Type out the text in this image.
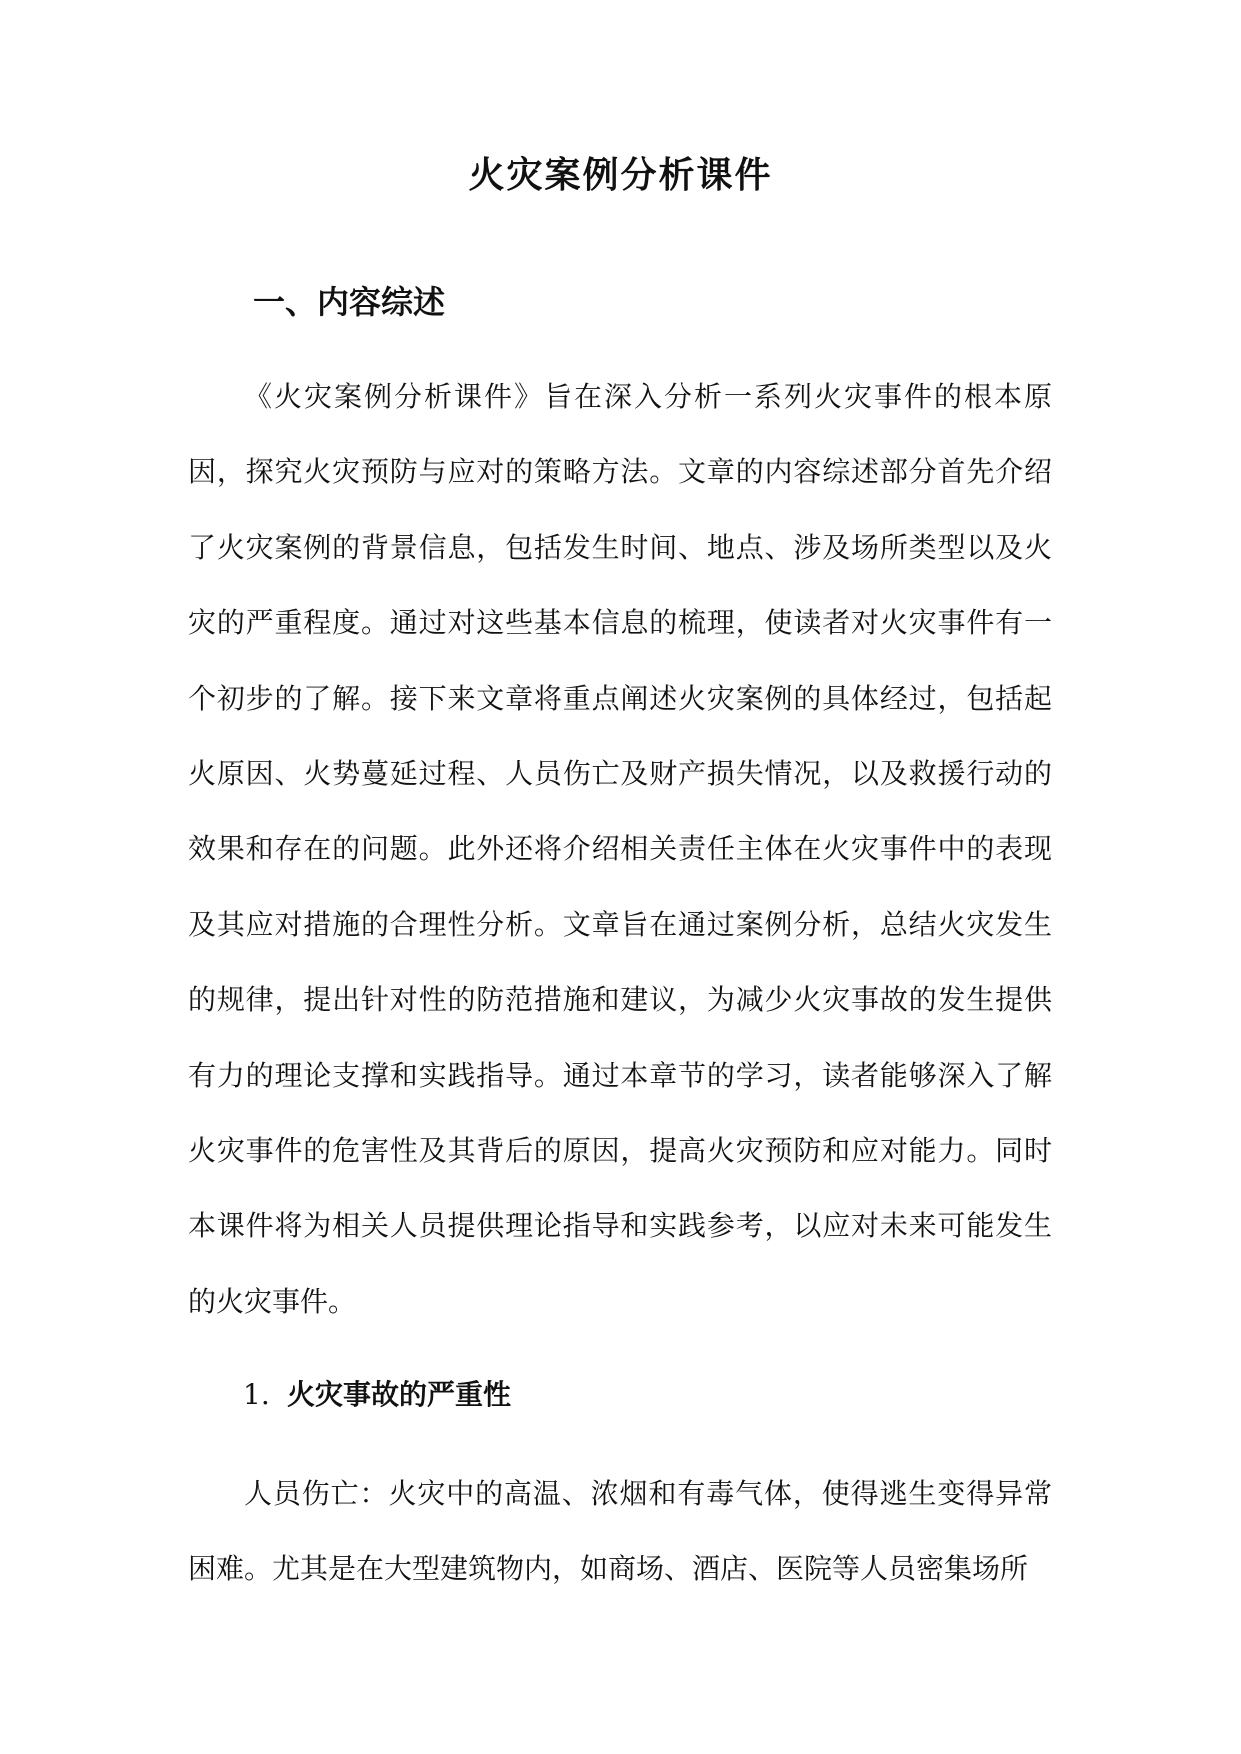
火灾案例分析课件
一、内容综述

《火灾案例分析课件》旨在深入分析一系列火灾事件的根本原因，探究火灾预防与应对的策略方法。文章的内容综述部分首先介绍了火灾案例的背景信息，包括发生时间、地点、涉及场所类型以及火灾的严重程度。通过对这些基本信息的梳理，使读者对火灾事件有一个初步的了解。接下来文章将重点阐述火灾案例的具体经过，包括起火原因、火势蔓延过程、人员伤亡及财产损失情况，以及救援行动的效果和存在的问题。此外还将介绍相关责任主体在火灾事件中的表现及其应对措施的合理性分析。文章旨在通过案例分析，总结火灾发生的规律，提出针对性的防范措施和建议，为减少火灾事故的发生提供有力的理论支撑和实践指导。通过本章节的学习，读者能够深入了解火灾事件的危害性及其背后的原因，提高火灾预防和应对能力。同时本课件将为相关人员提供理论指导和实践参考，以应对未来可能发生的火灾事件。

1. 火灾事故的严重性

人员伤亡：火灾中的高温、浓烟和有毒气体，使得逃生变得异常困难。尤其是在大型建筑物内，如商场、酒店、医院等人员密集场所
